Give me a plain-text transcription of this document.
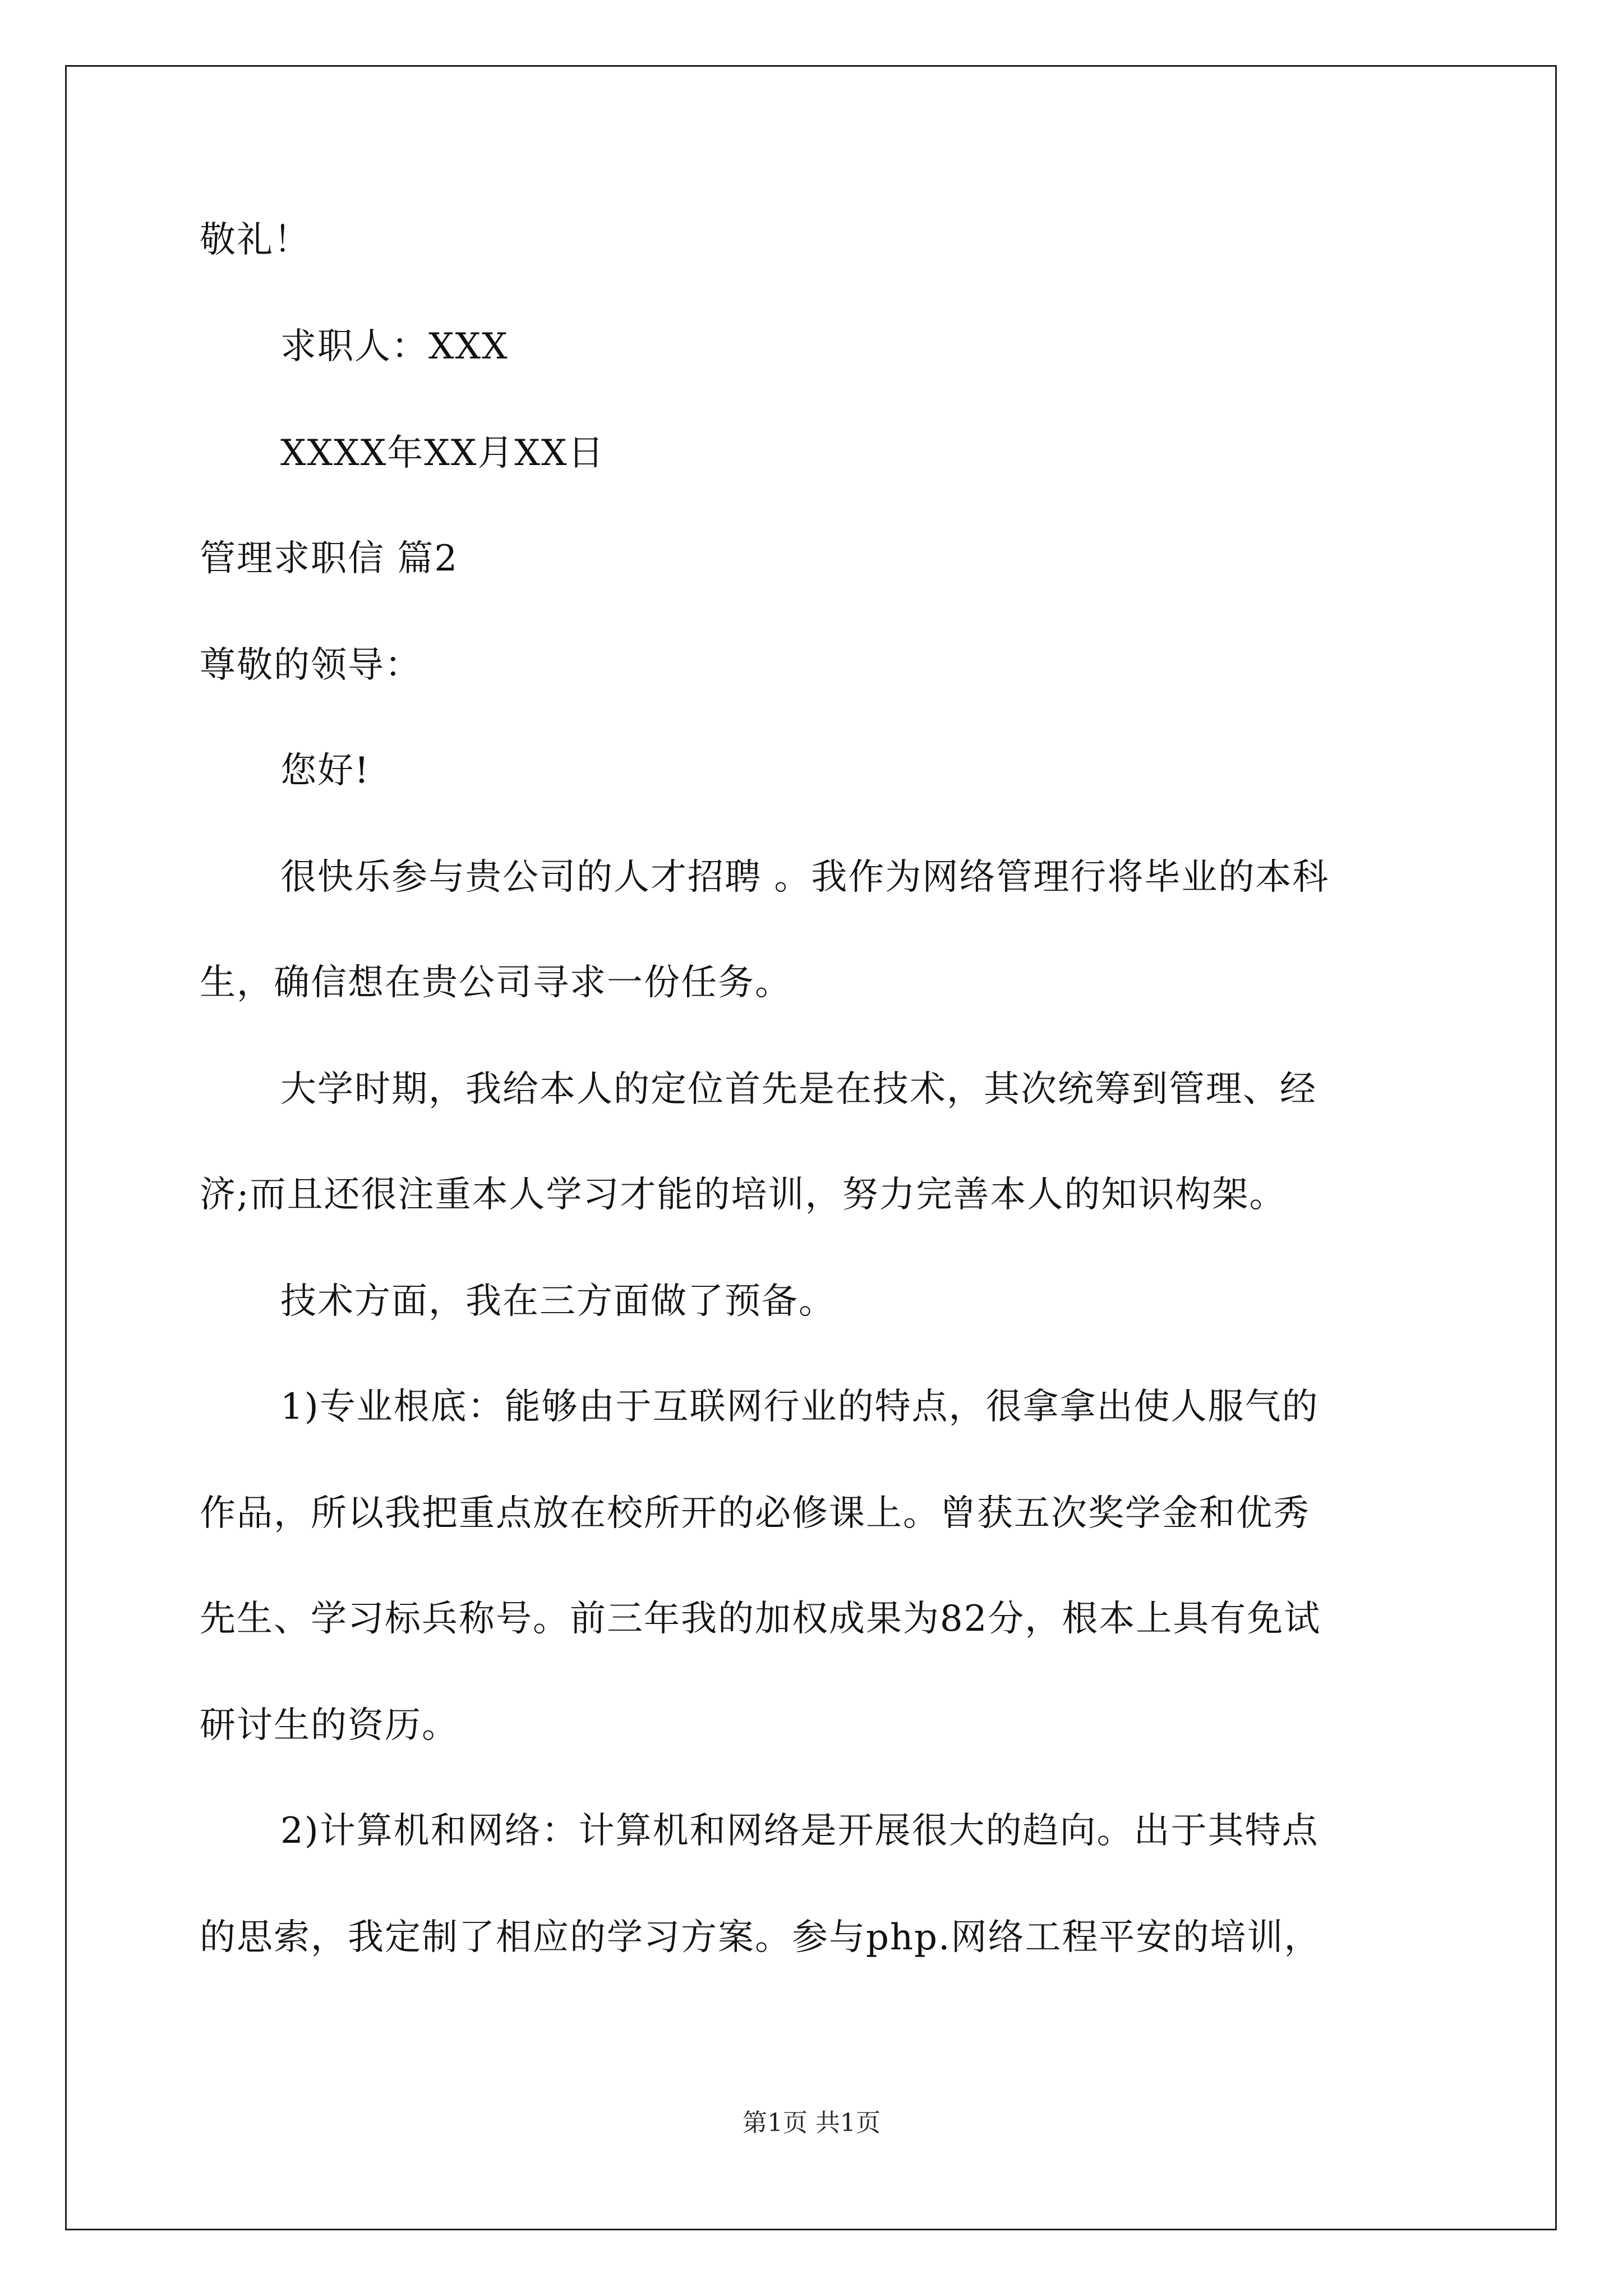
敬礼！
求职人：XXX
XXXX年XX月XX日
管理求职信 篇2
尊敬的领导：
您好!
很快乐参与贵公司的人才招聘 。我作为网络管理行将毕业的本科
生，确信想在贵公司寻求一份任务。
大学时期，我给本人的定位首先是在技术，其次统筹到管理、经
济;而且还很注重本人学习才能的培训，努力完善本人的知识构架。
技术方面，我在三方面做了预备。
1)专业根底：能够由于互联网行业的特点，很拿拿出使人服气的
作品，所以我把重点放在校所开的必修课上。曾获五次奖学金和优秀
先生、学习标兵称号。前三年我的加权成果为82分，根本上具有免试
研讨生的资历。
2)计算机和网络：计算机和网络是开展很大的趋向。出于其特点
的思索，我定制了相应的学习方案。参与php.网络工程平安的培训，
第1页 共1页
